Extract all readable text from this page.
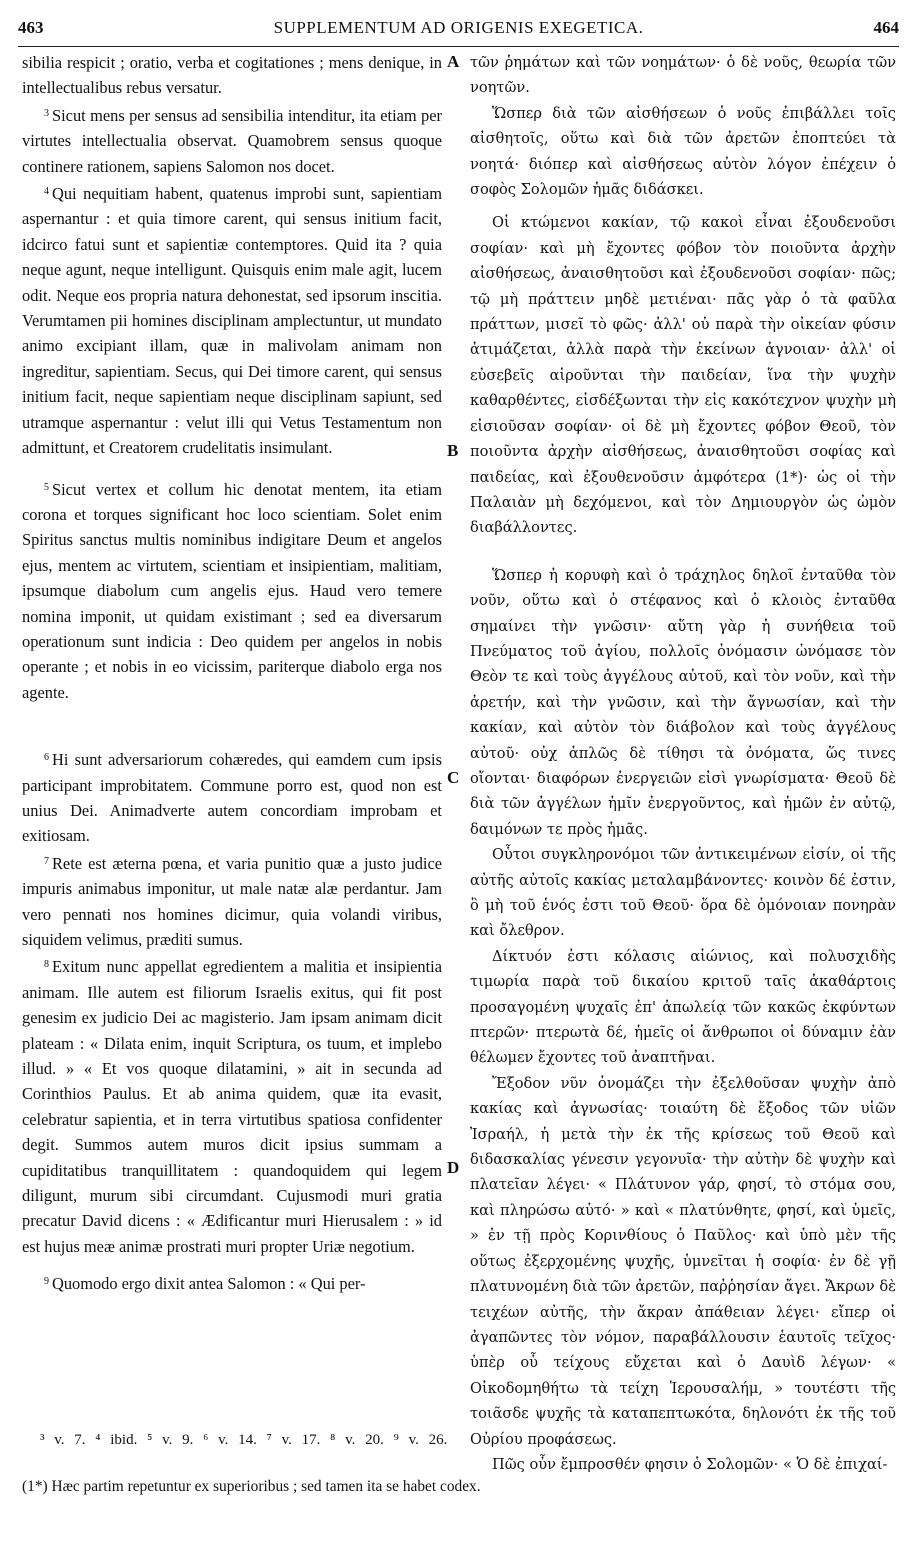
463	SUPPLEMENTUM AD ORIGENIS EXEGETICA.	464
A
B
C
D

sibilia respicit ; oratio, verba et cogitationes ; mens denique, in intellectualibus rebus versatur.

$^3$ Sicut mens per sensus ad sensibilia intenditur, ita etiam per virtutes intellectualia observat. Quamobrem sensus quoque continere rationem, sapiens Salomon nos docet.

$^4$ Qui nequitiam habent, quatenus improbi sunt, sapientiam aspernantur : et quia timore carent, qui sensus initium facit, idcirco fatui sunt et sapientiæ contemptores. Quid ita ? quia neque agunt, neque intelligunt. Quisquis enim male agit, lucem odit. Neque eos propria natura dehonestat, sed ipsorum inscitia. Verumtamen pii homines disciplinam amplectuntur, ut mundato animo excipiant illam, quæ in malivolam animam non ingreditur, sapientiam. Secus, qui Dei timore carent, qui sensus initium facit, neque sapientiam neque disciplinam sapiunt, sed utramque aspernantur : velut illi qui Vetus Testamentum non admittunt, et Creatorem crudelitatis insimulant.

$^5$ Sicut vertex et collum hic denotat mentem, ita etiam corona et torques significant hoc loco scientiam. Solet enim Spiritus sanctus multis nominibus indigitare Deum et angelos ejus, mentem ac virtutem, scientiam et insipientiam, malitiam, ipsumque diabolum cum angelis ejus. Haud vero temere nomina imponit, ut quidam existimant ; sed ea diversarum operationum sunt indicia : Deo quidem per angelos in nobis operante ; et nobis in eo vicissim, pariterque diabolo erga nos agente.

$^6$ Hi sunt adversariorum cohæredes, qui eamdem cum ipsis participant improbitatem. Commune porro est, quod non est unius Dei. Animadverte autem concordiam improbam et exitiosam.

$^7$ Rete est æterna pœna, et varia punitio quæ a justo judice impuris animabus imponitur, ut male natæ alæ perdantur. Jam vero pennati nos homines dicimur, quia volandi viribus, siquidem velimus, præditi sumus.

$^8$ Exitum nunc appellat egredientem a malitia et insipientia animam. Ille autem est filiorum Israelis exitus, qui fit post genesim ex judicio Dei ac magisterio. Jam ipsam animam dicit plateam : « Dilata enim, inquit Scriptura, os tuum, et implebo illud. » « Et vos quoque dilatamini, » ait in secunda ad Corinthios Paulus. Et ab anima quidem, quæ ita evasit, celebratur sapientia, et in terra virtutibus spatiosa confidenter degit. Summos autem muros dicit ipsius summam a cupiditatibus tranquillitatem : quandoquidem qui legem diligunt, murum sibi circumdant. Cujusmodi muri gratia precatur David dicens : « Ædificantur muri Hierusalem : » id est hujus meæ animæ prostrati muri propter Uriæ negotium.

$^9$ Quomodo ergo dixit antea Salomon : « Qui per-

τῶν ῥημάτων καὶ τῶν νοημάτων· ὁ δὲ νοῦς, θεωρία τῶν νοητῶν.

Ὥσπερ διὰ τῶν αἰσθήσεων ὁ νοῦς ἐπιβάλλει τοῖς αἰσθητοῖς, οὕτω καὶ διὰ τῶν ἀρετῶν ἐποπτεύει τὰ νοητά· διόπερ καὶ αἰσθήσεως αὐτὸν λόγον ἐπέχειν ὁ σοφὸς Σολομῶν ἡμᾶς διδάσκει.

Οἱ κτώμενοι κακίαν, τῷ κακοὶ εἶναι ἐξουδενοῦσι σοφίαν· καὶ μὴ ἔχοντες φόβον τὸν ποιοῦντα ἀρχὴν αἰσθήσεως, ἀναισθητοῦσι καὶ ἐξουδενοῦσι σοφίαν· πῶς; τῷ μὴ πράττειν μηδὲ μετιέναι· πᾶς γὰρ ὁ τὰ φαῦλα πράττων, μισεῖ τὸ φῶς· ἀλλ' οὐ παρὰ τὴν οἰκείαν φύσιν ἀτιμάζεται, ἀλλὰ παρὰ τὴν ἐκείνων ἀγνοιαν· ἀλλ' οἱ εὐσεβεῖς αἱροῦνται τὴν παιδείαν, ἵνα τὴν ψυχὴν καθαρθέντες, εἰσδέξωνται τὴν εἰς κακότεχνον ψυχὴν μὴ εἰσιοῦσαν σοφίαν· οἱ δὲ μὴ ἔχοντες φόβον Θεοῦ, τὸν ποιοῦντα ἀρχὴν αἰσθήσεως, ἀναισθητοῦσι σοφίας καὶ παιδείας, καὶ ἐξουθενοῦσιν ἀμφότερα (1*)· ὡς οἱ τὴν Παλαιὰν μὴ δεχόμενοι, καὶ τὸν Δημιουργὸν ὡς ὠμὸν διαβάλλοντες.

Ὥσπερ ἡ κορυφὴ καὶ ὁ τράχηλος δηλοῖ ἐνταῦθα τὸν νοῦν, οὕτω καὶ ὁ στέφανος καὶ ὁ κλοιὸς ἐνταῦθα σημαίνει τὴν γνῶσιν· αὕτη γὰρ ἡ συνήθεια τοῦ Πνεύματος τοῦ ἁγίου, πολλοῖς ὀνόμασιν ὠνόμασε τὸν Θεὸν τε καὶ τοὺς ἀγγέλους αὐτοῦ, καὶ τὸν νοῦν, καὶ τὴν ἀρετήν, καὶ τὴν γνῶσιν, καὶ τὴν ἄγνωσίαν, καὶ τὴν κακίαν, καὶ αὐτὸν τὸν διάβολον καὶ τοὺς ἀγγέλους αὐτοῦ· οὐχ ἁπλῶς δὲ τίθησι τὰ ὀνόματα, ὥς τινες οἴονται· διαφόρων ἐνεργειῶν εἰσὶ γνωρίσματα· Θεοῦ δὲ διὰ τῶν ἀγγέλων ἡμῖν ἐνεργοῦντος, καὶ ἡμῶν ἐν αὐτῷ, δαιμόνων τε πρὸς ἡμᾶς.

Οὗτοι συγκληρονόμοι τῶν ἀντικειμένων εἰσίν, οἱ τῆς αὐτῆς αὐτοῖς κακίας μεταλαμβάνοντες· κοινὸν δέ ἐστιν, ὃ μὴ τοῦ ἑνός ἐστι τοῦ Θεοῦ· ὅρα δὲ ὁμόνοιαν πονηρὰν καὶ ὄλεθρον.

Δίκτυόν ἐστι κόλασις αἰώνιος, καὶ πολυσχιδὴς τιμωρία παρὰ τοῦ δικαίου κριτοῦ ταῖς ἀκαθάρτοις προσαγομένη ψυχαῖς ἐπ' ἀπωλείᾳ τῶν κακῶς ἐκφύντων πτερῶν· πτερωτὰ δέ, ἡμεῖς οἱ ἄνθρωποι οἱ δύναμιν ἐὰν θέλωμεν ἔχοντες τοῦ ἀναπτῆναι.

Ἔξοδον νῦν ὀνομάζει τὴν ἐξελθοῦσαν ψυχὴν ἀπὸ κακίας καὶ ἀγνωσίας· τοιαύτη δὲ ἔξοδος τῶν υἱῶν Ἰσραήλ, ἡ μετὰ τὴν ἐκ τῆς κρίσεως τοῦ Θεοῦ καὶ διδασκαλίας γένεσιν γεγονυῖα· τὴν αὐτὴν δὲ ψυχὴν καὶ πλατεῖαν λέγει· « Πλάτυνον γάρ, φησί, τὸ στόμα σου, καὶ πληρώσω αὐτό· » καὶ « πλατύνθητε, φησί, καὶ ὑμεῖς, » ἐν τῇ πρὸς Κορινθίους ὁ Παῦλος· καὶ ὑπὸ μὲν τῆς οὕτως ἐξερχομένης ψυχῆς, ὑμνεῖται ἡ σοφία· ἐν δὲ γῇ πλατυνομένη διὰ τῶν ἀρετῶν, παῤῥησίαν ἄγει. Ἄκρων δὲ τειχέων αὐτῆς, τὴν ἄκραν ἀπάθειαν λέγει· εἴπερ οἱ ἀγαπῶντες τὸν νόμον, παραβάλλουσιν ἑαυτοῖς τεῖχος· ὑπὲρ οὗ τείχους εὔχεται καὶ ὁ Δαυὶδ λέγων· « Οἰκοδομηθήτω τὰ τείχη Ἱερουσαλήμ, » τουτέστι τῆς τοιᾶσδε ψυχῆς τὰ καταπεπτωκότα, δηλονότι ἐκ τῆς τοῦ Οὐρίου προφάσεως.

Πῶς οὖν ἔμπροσθέν φησιν ὁ Σολομῶν· « Ὁ δὲ ἐπιχαί-

³ v. 7. ⁴ ibid. ⁵ v. 9. ⁶ v. 14. ⁷ v. 17. ⁸ v. 20. ⁹ v. 26.
(1*) Hæc partim repetuntur ex superioribus ; sed tamen ita se habet codex.
